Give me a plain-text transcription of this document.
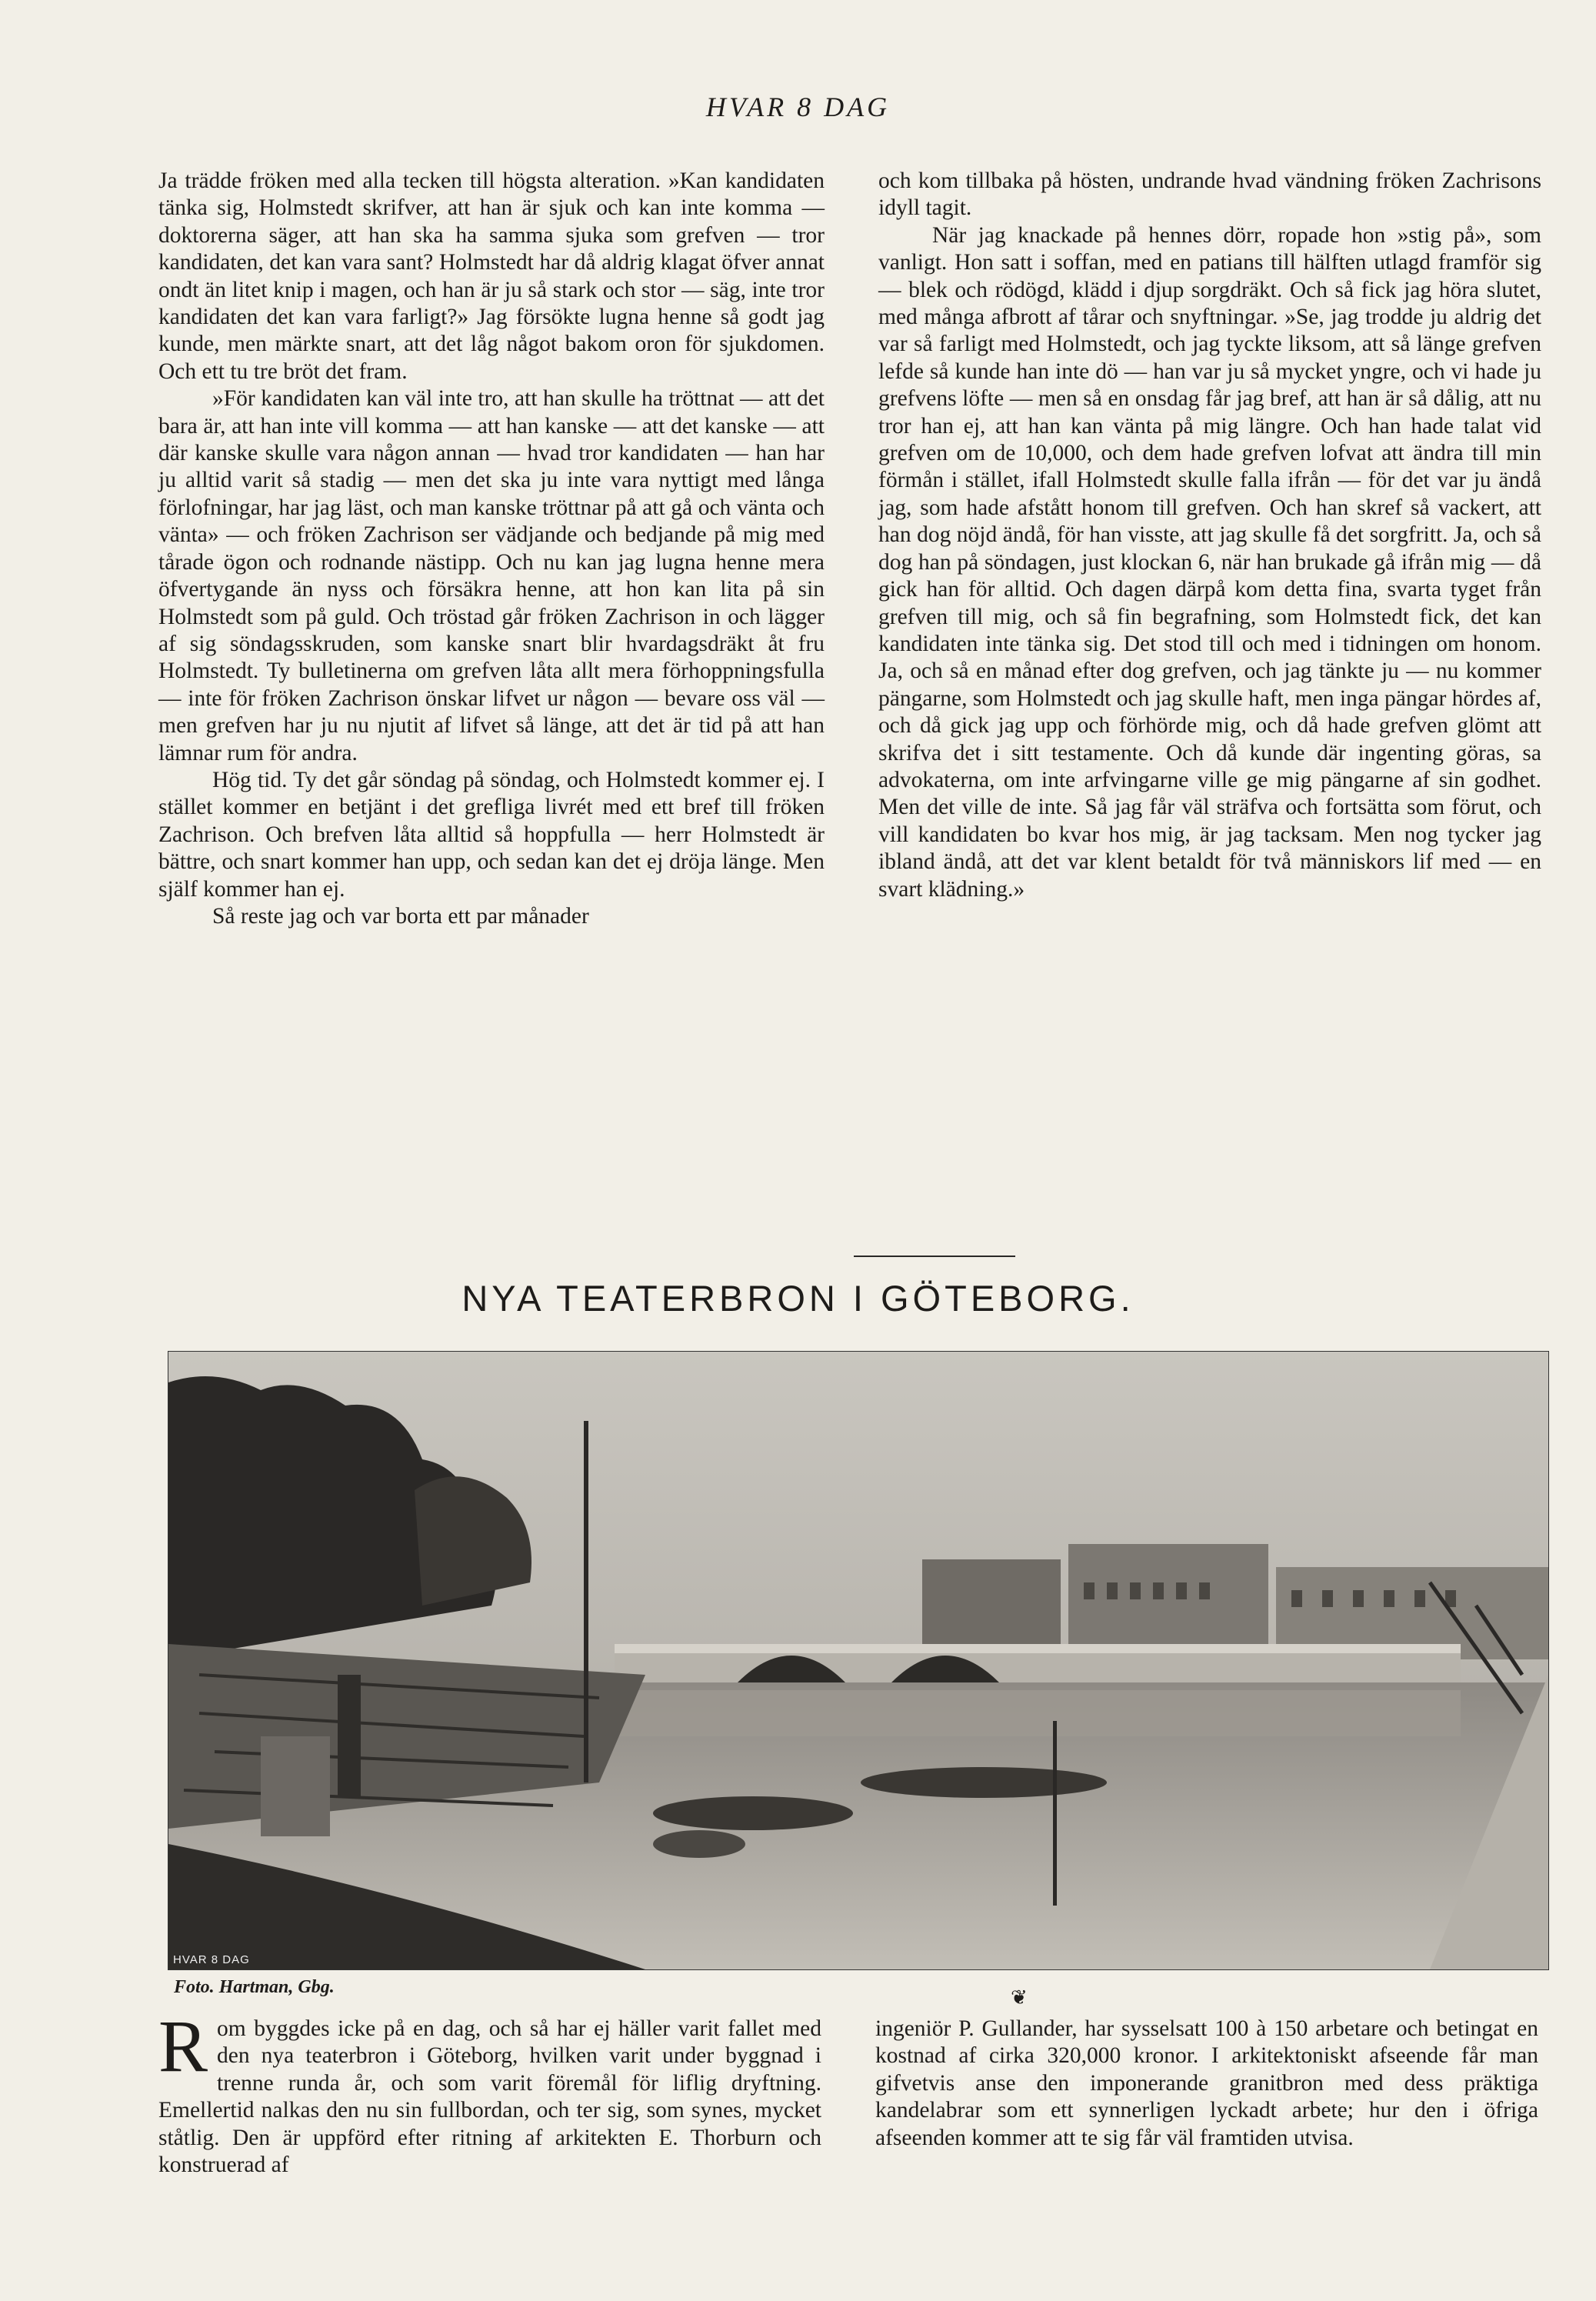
HVAR 8 DAG

Ja trädde fröken med alla tecken till högsta alteration. »Kan kandidaten tänka sig, Holmstedt skrifver, att han är sjuk och kan inte komma — doktorerna säger, att han ska ha samma sjuka som grefven — tror kandidaten, det kan vara sant? Holmstedt har då aldrig klagat öfver annat ondt än litet knip i magen, och han är ju så stark och stor — säg, inte tror kandidaten det kan vara farligt?» Jag försökte lugna henne så godt jag kunde, men märkte snart, att det låg något bakom oron för sjukdomen. Och ett tu tre bröt det fram.

»För kandidaten kan väl inte tro, att han skulle ha tröttnat — att det bara är, att han inte vill komma — att han kanske — att det kanske — att där kanske skulle vara någon annan — hvad tror kandidaten — han har ju alltid varit så stadig — men det ska ju inte vara nyttigt med långa förlofningar, har jag läst, och man kanske tröttnar på att gå och vänta och vänta» — och fröken Zachrison ser vädjande och bedjande på mig med tårade ögon och rodnande nästipp. Och nu kan jag lugna henne mera öfvertygande än nyss och försäkra henne, att hon kan lita på sin Holmstedt som på guld. Och tröstad går fröken Zachrison in och lägger af sig söndagsskruden, som kanske snart blir hvardagsdräkt åt fru Holmstedt. Ty bulletinerna om grefven låta allt mera förhoppningsfulla — inte för fröken Zachrison önskar lifvet ur någon — bevare oss väl — men grefven har ju nu njutit af lifvet så länge, att det är tid på att han lämnar rum för andra.

Hög tid. Ty det går söndag på söndag, och Holmstedt kommer ej. I stället kommer en betjänt i det grefliga livrét med ett bref till fröken Zachrison. Och brefven låta alltid så hoppfulla — herr Holmstedt är bättre, och snart kommer han upp, och sedan kan det ej dröja länge. Men själf kommer han ej.

Så reste jag och var borta ett par månader

och kom tillbaka på hösten, undrande hvad vändning fröken Zachrisons idyll tagit.

När jag knackade på hennes dörr, ropade hon »stig på», som vanligt. Hon satt i soffan, med en patians till hälften utlagd framför sig — blek och rödögd, klädd i djup sorgdräkt. Och så fick jag höra slutet, med många afbrott af tårar och snyftningar. »Se, jag trodde ju aldrig det var så farligt med Holmstedt, och jag tyckte liksom, att så länge grefven lefde så kunde han inte dö — han var ju så mycket yngre, och vi hade ju grefvens löfte — men så en onsdag får jag bref, att han är så dålig, att nu tror han ej, att han kan vänta på mig längre. Och han hade talat vid grefven om de 10,000, och dem hade grefven lofvat att ändra till min förmån i stället, ifall Holmstedt skulle falla ifrån — för det var ju ändå jag, som hade afstått honom till grefven. Och han skref så vackert, att han dog nöjd ändå, för han visste, att jag skulle få det sorgfritt. Ja, och så dog han på söndagen, just klockan 6, när han brukade gå ifrån mig — då gick han för alltid. Och dagen därpå kom detta fina, svarta tyget från grefven till mig, och så fin begrafning, som Holmstedt fick, det kan kandidaten inte tänka sig. Det stod till och med i tidningen om honom. Ja, och så en månad efter dog grefven, och jag tänkte ju — nu kommer pängarne, som Holmstedt och jag skulle haft, men inga pängar hördes af, och då gick jag upp och förhörde mig, och då hade grefven glömt att skrifva det i sitt testamente. Och då kunde där ingenting göras, sa advokaterna, om inte arfvingarne ville ge mig pängarne af sin godhet. Men det ville de inte. Så jag får väl sträfva och fortsätta som förut, och vill kandidaten bo kvar hos mig, är jag tacksam. Men nog tycker jag ibland ändå, att det var klent betaldt för två människors lif med — en svart klädning.»

NYA TEATERBRON I GÖTEBORG.
HVAR 8 DAG
Foto. Hartman, Gbg.	❦
R om byggdes icke på en dag, och så har ej häller varit fallet med den nya teaterbron i Göteborg, hvilken varit under byggnad i trenne runda år, och som varit föremål för liflig dryftning. Emellertid nalkas den nu sin fullbordan, och ter sig, som synes, mycket ståtlig. Den är uppförd efter ritning af arkitekten E. Thorburn och konstruerad af

ingeniör P. Gullander, har sysselsatt 100 à 150 arbetare och betingat en kostnad af cirka 320,000 kronor. I arkitektoniskt afseende får man gifvetvis anse den imponerande granitbron med dess präktiga kandelabrar som ett synnerligen lyckadt arbete; hur den i öfriga afseenden kommer att te sig får väl framtiden utvisa.
